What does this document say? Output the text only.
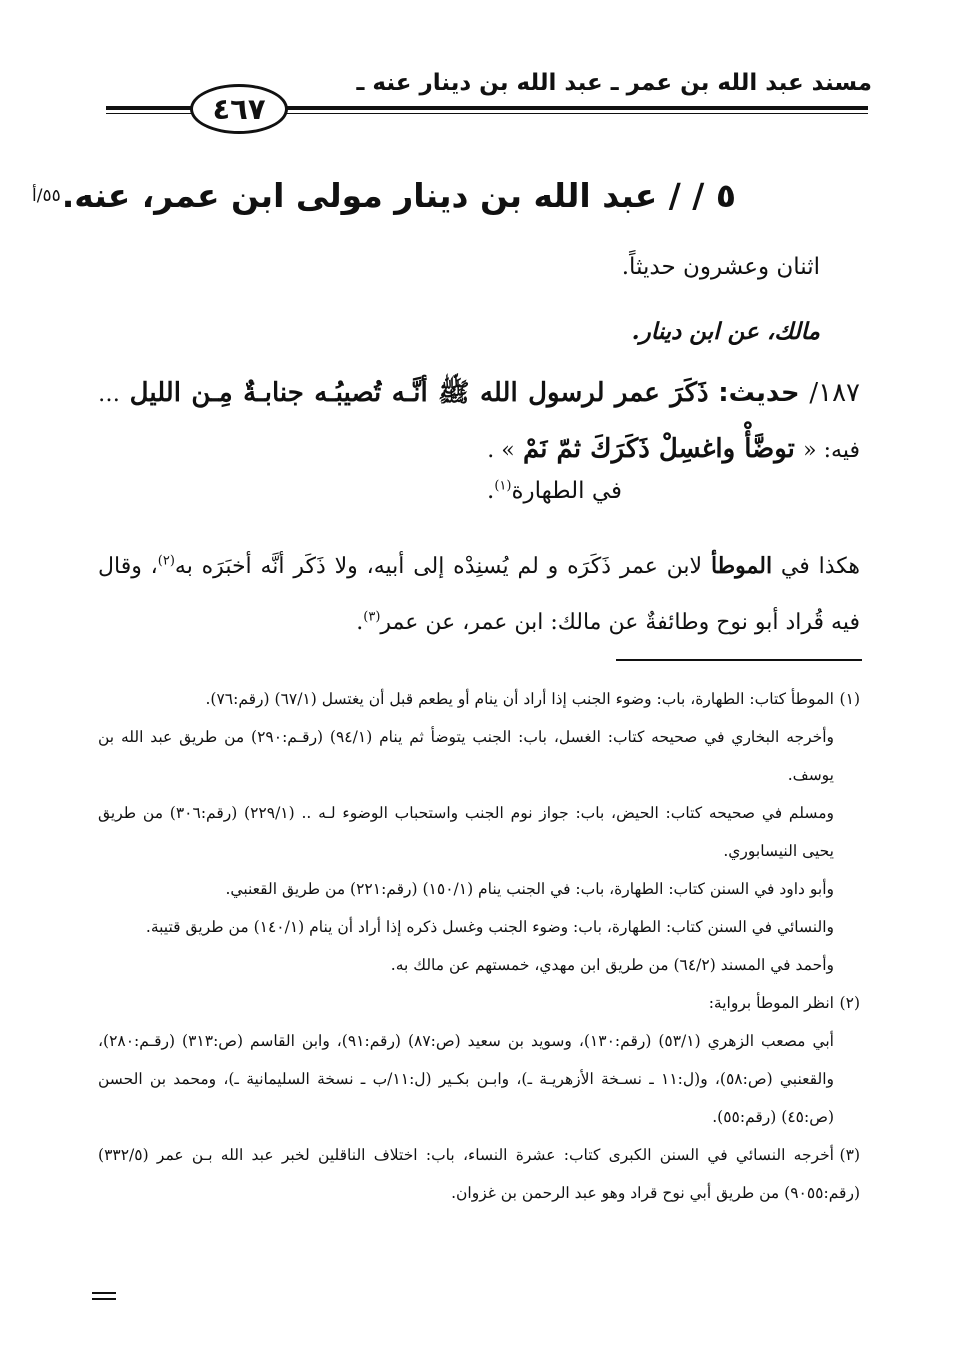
مسند عبد الله بن عمر ـ عبد الله بن دينار عنه ـ
٤٦٧
٥٥/أ ٥ / / عبد الله بن دينار مولى ابن عمر، عنه.
اثنان وعشرون حديثاً.
مالك، عن ابن دينار.
١٨٧/ حديث: ذَكَرَ عمر لرسول الله ﷺ أنَّـه تُصيبُـه جنابـةٌ مِـن الليل … فيه: « توضَّأْ واغسِلْ ذَكَرَكَ ثمّ نَمْ » .
في الطهارة$^{(١)}$.
هكذا في الموطأ لابن عمر ذَكَرَه و لم يُسنِدْه إلى أبيه، ولا ذَكَر أنَّه أخبَرَه به$^{(٢)}$، وقال فيه قُراد أبو نوح وطائفةٌ عن مالك: ابن عمر، عن عمر$^{(٣)}$.

(١)الموطأ كتاب: الطهارة، باب: وضوء الجنب إذا أراد أن ينام أو يطعم قبل أن يغتسل (٦٧/١) (رقم:٧٦).

وأخرجه البخاري في صحيحه كتاب: الغسل، باب: الجنب يتوضأ ثم ينام (٩٤/١) (رقـم:٢٩٠) من طريق عبد الله بن يوسف.

ومسلم في صحيحه كتاب: الحيض، باب: جواز نوم الجنب واستحباب الوضوء لـه .. (٢٢٩/١) (رقم:٣٠٦) من طريق يحيى النيسابوري.

وأبو داود في السنن كتاب: الطهارة، باب: في الجنب ينام (١٥٠/١) (رقم:٢٢١) من طريق القعنبي.

والنسائي في السنن كتاب: الطهارة، باب: وضوء الجنب وغسل ذكره إذا أراد أن ينام (١٤٠/١) من طريق قتيبة.

وأحمد في المسند (٦٤/٢) من طريق ابن مهدي، خمستهم عن مالك به.

(٢)انظر الموطأ برواية:

أبي مصعب الزهري (٥٣/١) (رقم:١٣٠)، وسويد بن سعيد (ص:٨٧) (رقم:٩١)، وابن القاسم (ص:٣١٣) (رقـم:٢٨٠)، والقعنبي (ص:٥٨)، و(ل:١١ ـ نسـخة الأزهريـة ـ)، وابـن بكـير (ل:١١/ب ـ نسخة السليمانية ـ)، ومحمد بن الحسن (ص:٤٥) (رقم:٥٥).

(٣)أخرجه النسائي في السنن الكبرى كتاب: عشرة النساء، باب: اختلاف الناقلين لخبر عبد الله بـن عمر (٣٣٢/٥) (رقم:٩٠٥٥) من طريق أبي نوح قراد وهو عبد الرحمن بن غزوان.
